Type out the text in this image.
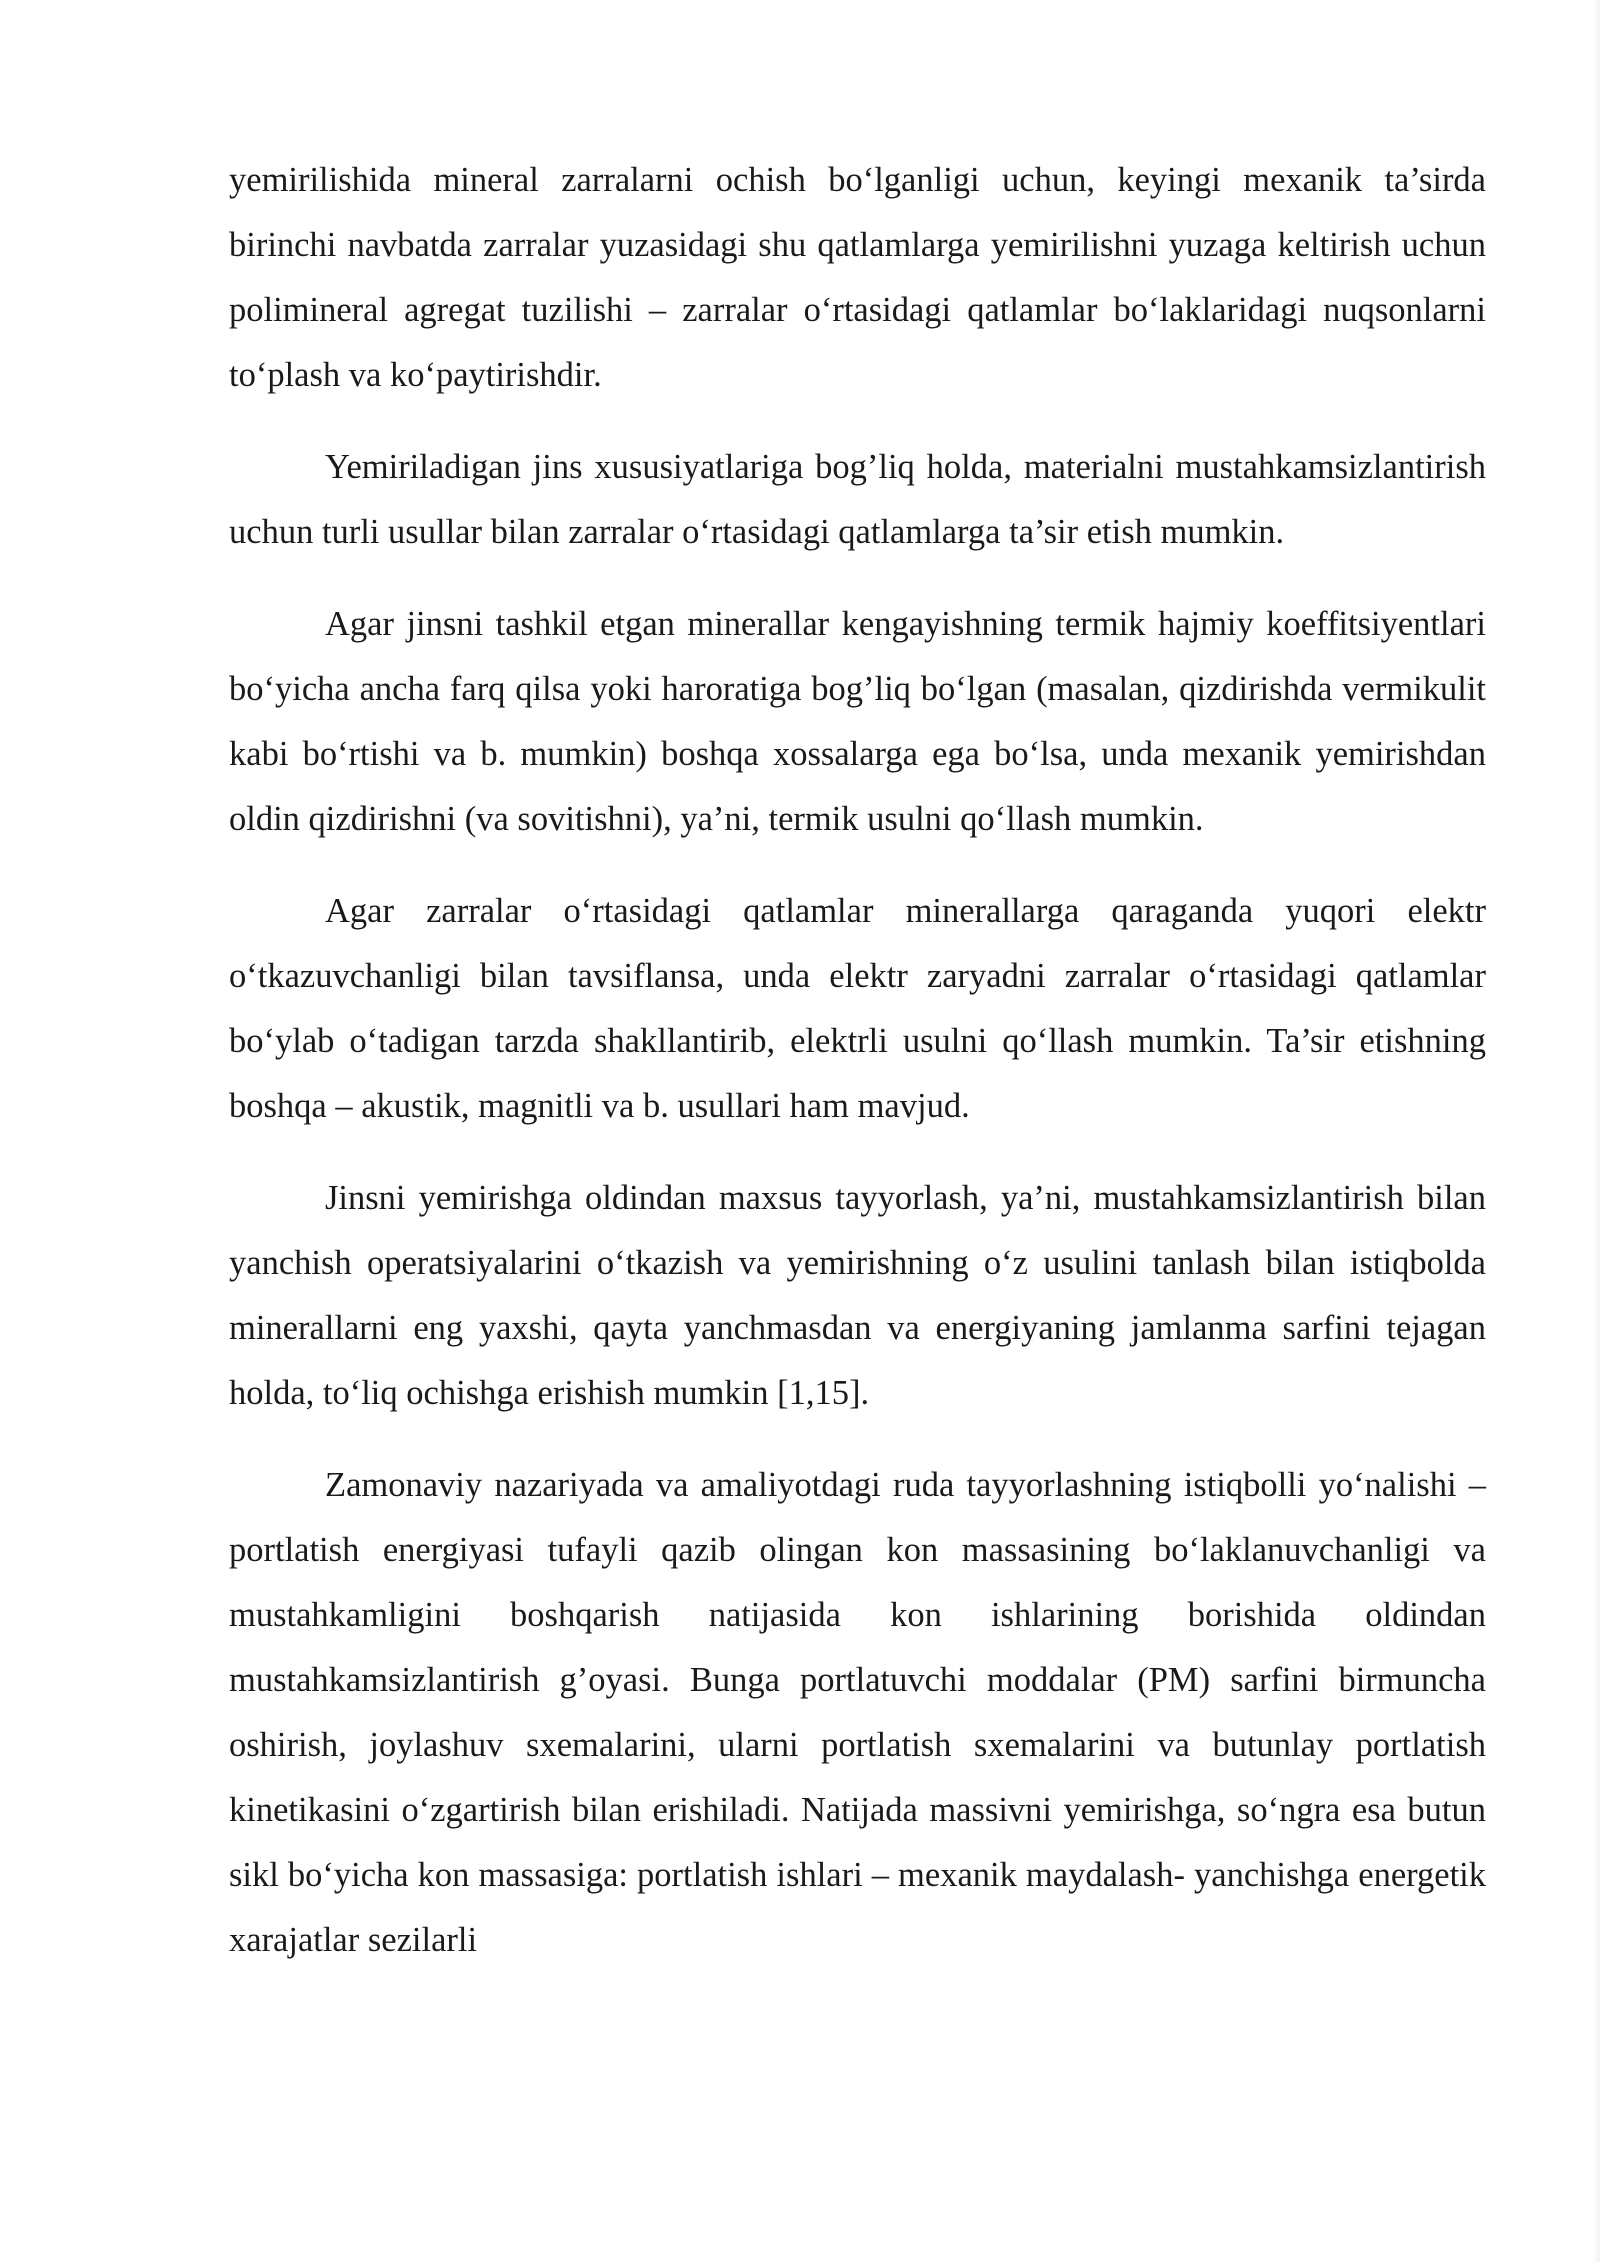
yemirilishida mineral zarralarni ochish bo‘lganligi uchun, keyingi mexanik ta’sirda birinchi navbatda zarralar yuzasidagi shu qatlamlarga yemirilishni yuzaga keltirish uchun polimineral agregat tuzilishi – zarralar o‘rtasidagi qatlamlar bo‘laklaridagi nuqsonlarni to‘plash va ko‘paytirishdir.

Yemiriladigan jins xususiyatlariga bog’liq holda, materialni mustahkamsizlantirish uchun turli usullar bilan zarralar o‘rtasidagi qatlamlarga ta’sir etish mumkin.

Agar jinsni tashkil etgan minerallar kengayishning termik hajmiy koeffitsiyentlari bo‘yicha ancha farq qilsa yoki haroratiga bog’liq bo‘lgan (masalan, qizdirishda vermikulit kabi bo‘rtishi va b. mumkin) boshqa xossalarga ega bo‘lsa, unda mexanik yemirishdan oldin qizdirishni (va sovitishni), ya’ni, termik usulni qo‘llash mumkin.

Agar zarralar o‘rtasidagi qatlamlar minerallarga qaraganda yuqori elektr o‘tkazuvchanligi bilan tavsiflansa, unda elektr zaryadni zarralar o‘rtasidagi qatlamlar bo‘ylab o‘tadigan tarzda shakllantirib, elektrli usulni qo‘llash mumkin. Ta’sir etishning boshqa – akustik, magnitli va b. usullari ham mavjud.

Jinsni yemirishga oldindan maxsus tayyorlash, ya’ni, mustahkamsizlantirish bilan yanchish operatsiyalarini o‘tkazish va yemirishning o‘z usulini tanlash bilan istiqbolda minerallarni eng yaxshi, qayta yanchmasdan va energiyaning jamlanma sarfini tejagan holda, to‘liq ochishga erishish mumkin [1,15].

Zamonaviy nazariyada va amaliyotdagi ruda tayyorlashning istiqbolli yo‘nalishi – portlatish energiyasi tufayli qazib olingan kon massasining bo‘laklanuvchanligi va mustahkamligini boshqarish natijasida kon ishlarining borishida oldindan mustahkamsizlantirish g’oyasi. Bunga portlatuvchi moddalar (PM) sarfini birmuncha oshirish, joylashuv sxemalarini, ularni portlatish sxemalarini va butunlay portlatish kinetikasini o‘zgartirish bilan erishiladi. Natijada massivni yemirishga, so‘ngra esa butun sikl bo‘yicha kon massasiga: portlatish ishlari – mexanik maydalash- yanchishga energetik xarajatlar sezilarli
